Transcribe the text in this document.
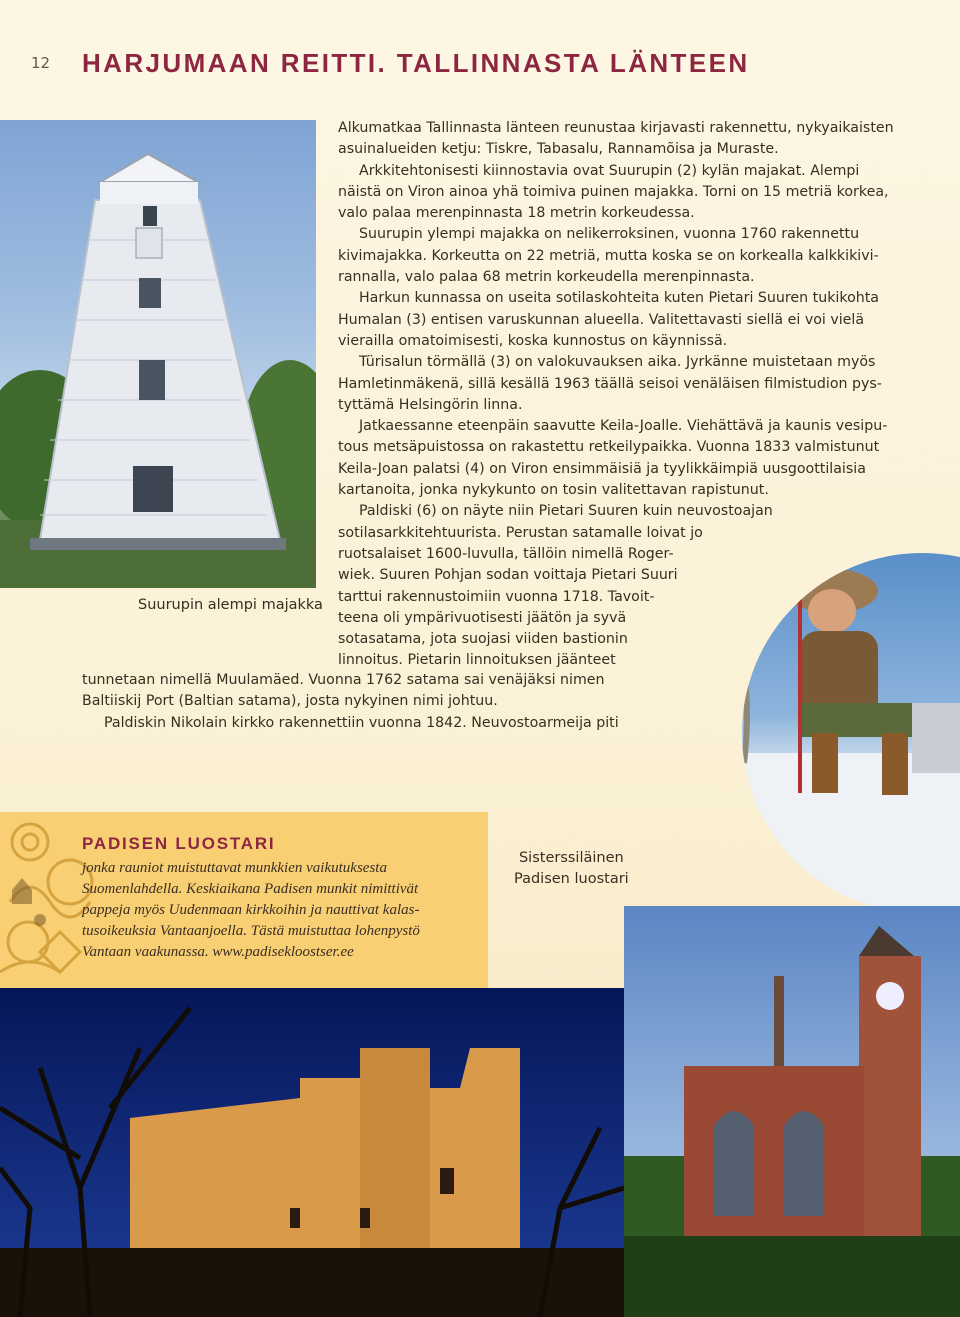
12 HARJUMAAN REITTI. TALLINNASTA LÄNTEEN
Suurupin alempi majakka

Alkumatkaa Tallinnasta länteen reunustaa kirjavasti rakennettu, nykyaikaisten
asuinalueiden ketju: Tiskre, Tabasalu, Rannamõisa ja Muraste.

Arkkitehtonisesti kiinnostavia ovat Suurupin (2) kylän majakat. Alempi
näistä on Viron ainoa yhä toimiva puinen majakka. Torni on 15 metriä korkea,
valo palaa merenpinnasta 18 metrin korkeudessa.

Suurupin ylempi majakka on nelikerroksinen, vuonna 1760 rakennettu
kivimajakka. Korkeutta on 22 metriä, mutta koska se on korkealla kalkkikivi-
rannalla, valo palaa 68 metrin korkeudella merenpinnasta.

Harkun kunnassa on useita sotilaskohteita kuten Pietari Suuren tukikohta
Humalan (3) entisen varuskunnan alueella. Valitettavasti siellä ei voi vielä
vierailla omatoimisesti, koska kunnostus on käynnissä.

Türisalun törmällä (3) on valokuvauksen aika. Jyrkänne muistetaan myös
Hamletinmäkenä, sillä kesällä 1963 täällä seisoi venäläisen filmistudion pys-
tyttämä Helsingörin linna.

Jatkaessanne eteenpäin saavutte Keila-Joalle. Viehättävä ja kaunis vesipu-
tous metsäpuistossa on rakastettu retkeilypaikka. Vuonna 1833 valmistunut
Keila-Joan palatsi (4) on Viron ensimmäisiä ja tyylikkäimpiä uusgoottilaisia
kartanoita, jonka nykykunto on tosin valitettavan rapistunut.

Paldiski (6) on näyte niin Pietari Suuren kuin neuvostoajan
sotilasarkkitehtuurista. Perustan satamalle loivat jo
ruotsalaiset 1600-luvulla, tällöin nimellä Roger-
wiek. Suuren Pohjan sodan voittaja Pietari Suuri
tarttui rakennustoimiin vuonna 1718. Tavoit-
teena oli ympärivuotisesti jäätön ja syvä
sotasatama, jota suojasi viiden bastionin
linnoitus. Pietarin linnoituksen jäänteet

tunnetaan nimellä Muulamäed. Vuonna 1762 satama sai venäjäksi nimen
Baltiiskij Port (Baltian satama), josta nykyinen nimi johtuu.
Paldiskin Nikolain kirkko rakennettiin vuonna 1842. Neuvostoarmeija piti
PADISEN LUOSTARI
jonka rauniot muistuttavat munkkien vaikutuksesta
Suomenlahdella. Keskiaikana Padisen munkit nimittivät
pappeja myös Uudenmaan kirkkoihin ja nauttivat kalas-
tusoikeuksia Vantaanjoella. Tästä muistuttaa lohenpystö
Vantaan vaakunassa. www.padisekloostser.ee
Sisterssiläinen
Padisen luostari
